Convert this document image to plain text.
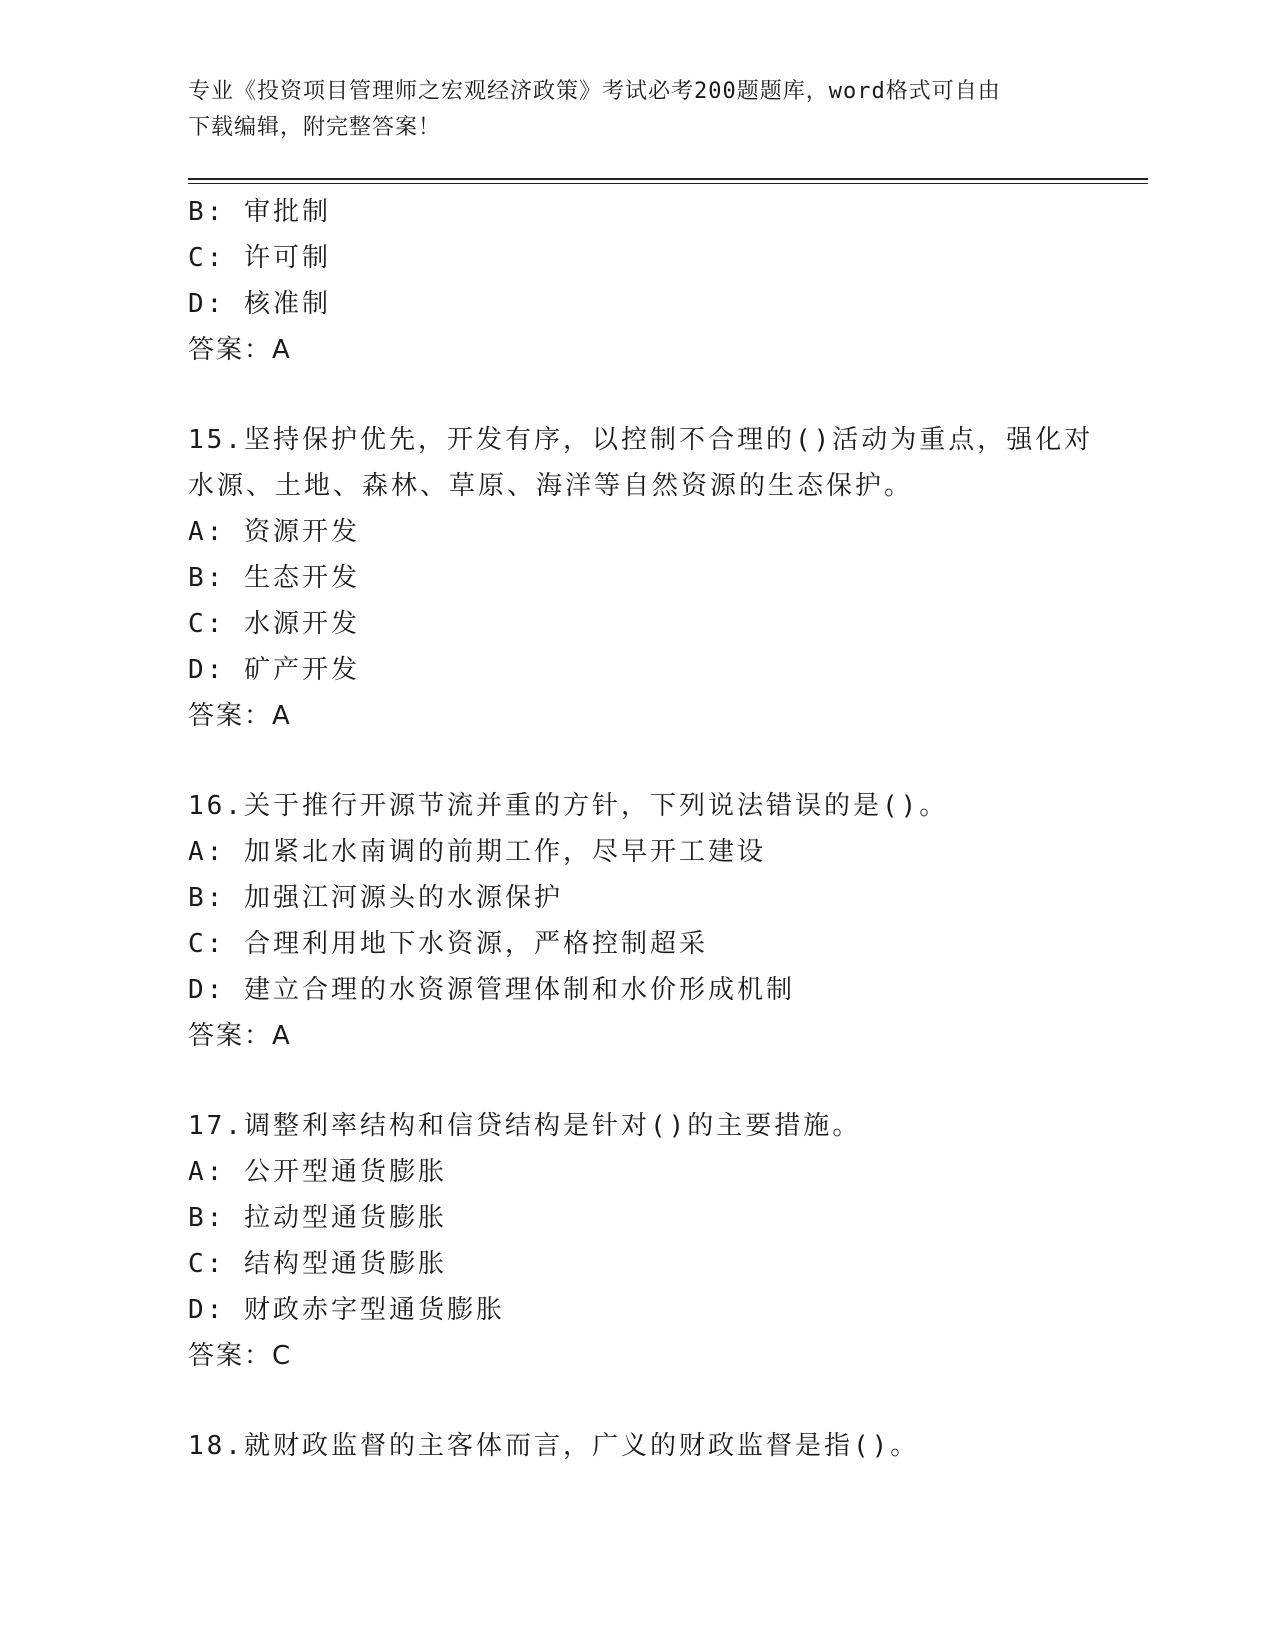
专业《投资项目管理师之宏观经济政策》考试必考200题题库，word格式可自由
下载编辑，附完整答案！
B: 审批制
C: 许可制
D: 核准制
答案：A
15.坚持保护优先，开发有序，以控制不合理的()活动为重点，强化对
水源、土地、森林、草原、海洋等自然资源的生态保护。
A: 资源开发
B: 生态开发
C: 水源开发
D: 矿产开发
答案：A
16.关于推行开源节流并重的方针，下列说法错误的是()。
A: 加紧北水南调的前期工作，尽早开工建设
B: 加强江河源头的水源保护
C: 合理利用地下水资源，严格控制超采
D: 建立合理的水资源管理体制和水价形成机制
答案：A
17.调整利率结构和信贷结构是针对()的主要措施。
A: 公开型通货膨胀
B: 拉动型通货膨胀
C: 结构型通货膨胀
D: 财政赤字型通货膨胀
答案：C
18.就财政监督的主客体而言，广义的财政监督是指()。
